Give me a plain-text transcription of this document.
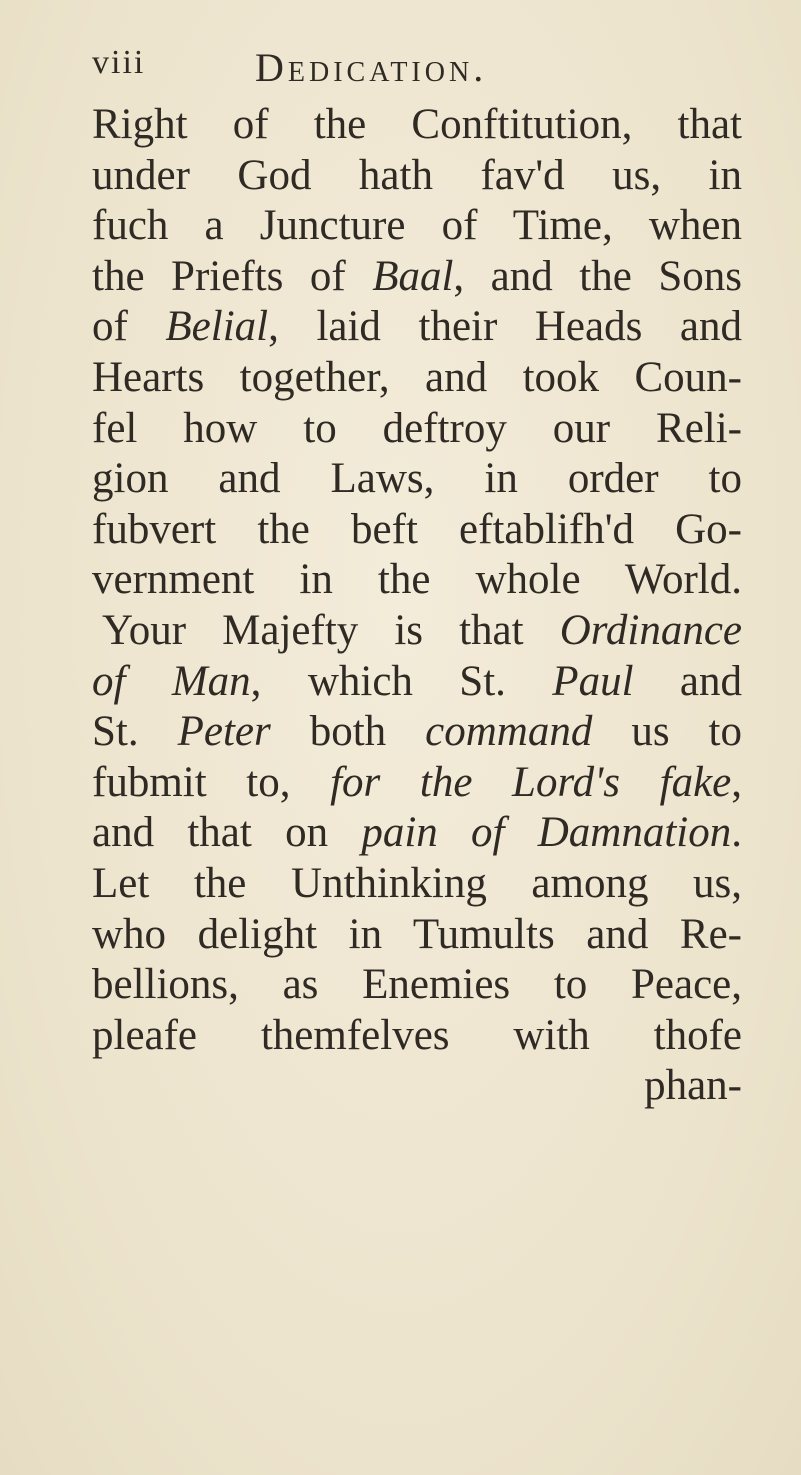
viii	Dedication.
Right of the Conftitution, that
under God hath fav'd us, in
fuch a Juncture of Time, when
the Priefts of Baal, and the Sons
of Belial, laid their Heads and
Hearts together, and took Coun-
fel how to deftroy our Reli-
gion and Laws, in order to
fubvert the beft eftablifh'd Go-
vernment in the whole World.
Your Majefty is that Ordinance
of Man, which St. Paul and
St. Peter both command us to
fubmit to, for the Lord's fake,
and that on pain of Damnation.
Let the Unthinking among us,
who delight in Tumults and Re-
bellions, as Enemies to Peace,
pleafe themfelves with thofe
phan-
